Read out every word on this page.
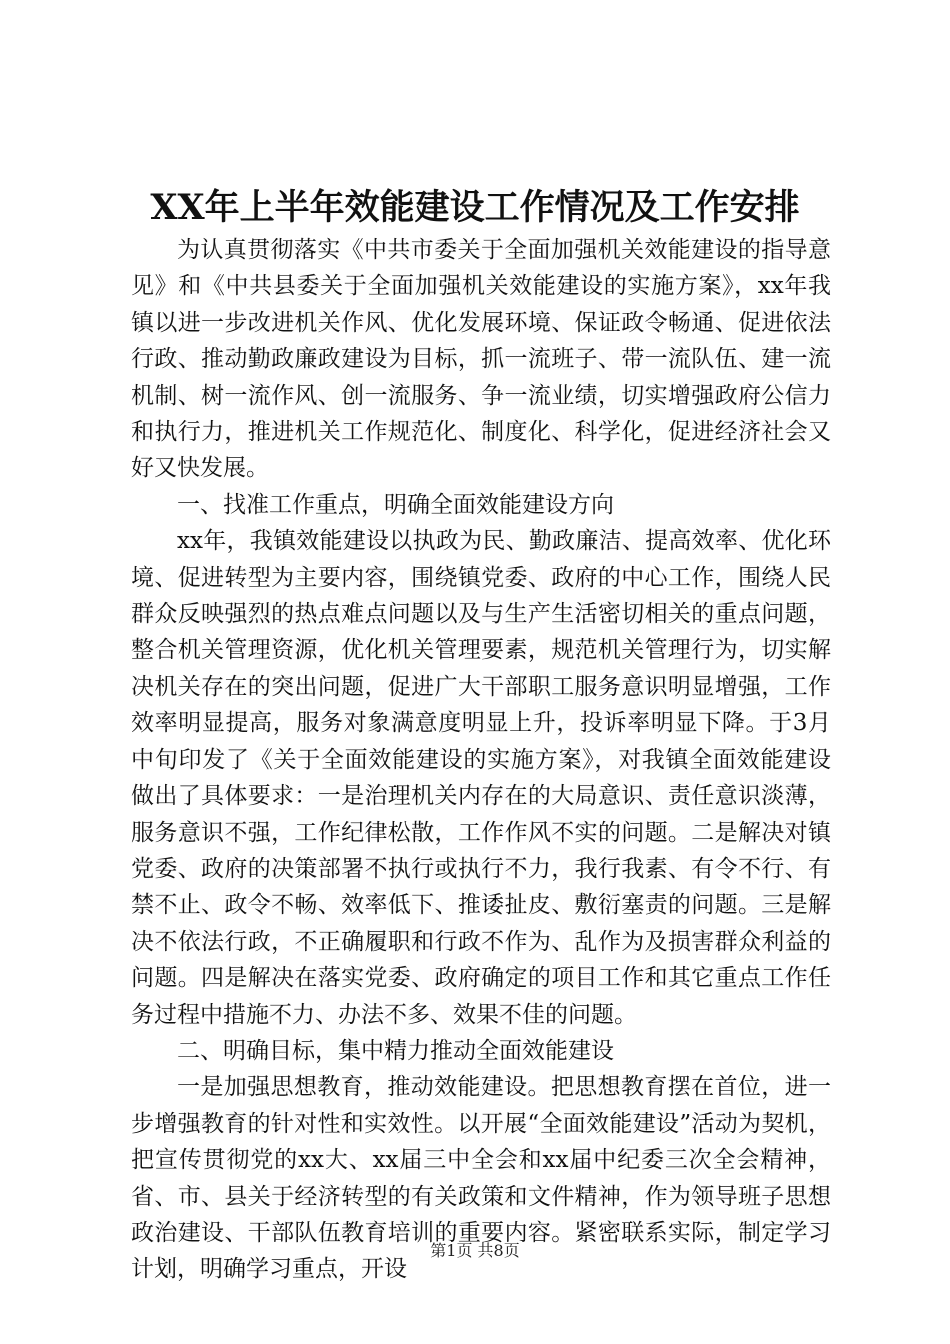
XX年上半年效能建设工作情况及工作安排

为认真贯彻落实《中共市委关于全面加强机关效能建设的指导意见》和《中共县委关于全面加强机关效能建设的实施方案》，xx年我镇以进一步改进机关作风、优化发展环境、保证政令畅通、促进依法行政、推动勤政廉政建设为目标，抓一流班子、带一流队伍、建一流机制、树一流作风、创一流服务、争一流业绩，切实增强政府公信力和执行力，推进机关工作规范化、制度化、科学化，促进经济社会又好又快发展。

一、找准工作重点，明确全面效能建设方向

xx年，我镇效能建设以执政为民、勤政廉洁、提高效率、优化环境、促进转型为主要内容，围绕镇党委、政府的中心工作，围绕人民群众反映强烈的热点难点问题以及与生产生活密切相关的重点问题，整合机关管理资源，优化机关管理要素，规范机关管理行为，切实解决机关存在的突出问题，促进广大干部职工服务意识明显增强，工作效率明显提高，服务对象满意度明显上升，投诉率明显下降。于3月中旬印发了《关于全面效能建设的实施方案》，对我镇全面效能建设做出了具体要求：一是治理机关内存在的大局意识、责任意识淡薄，服务意识不强，工作纪律松散，工作作风不实的问题。二是解决对镇党委、政府的决策部署不执行或执行不力，我行我素、有令不行、有禁不止、政令不畅、效率低下、推诿扯皮、敷衍塞责的问题。三是解决不依法行政，不正确履职和行政不作为、乱作为及损害群众利益的问题。四是解决在落实党委、政府确定的项目工作和其它重点工作任务过程中措施不力、办法不多、效果不佳的问题。

二、明确目标，集中精力推动全面效能建设

一是加强思想教育，推动效能建设。把思想教育摆在首位，进一步增强教育的针对性和实效性。以开展“全面效能建设”活动为契机，把宣传贯彻党的xx大、xx届三中全会和xx届中纪委三次全会精神，省、市、县关于经济转型的有关政策和文件精神，作为领导班子思想政治建设、干部队伍教育培训的重要内容。紧密联系实际，制定学习计划，明确学习重点，开设

第1页 共8页
